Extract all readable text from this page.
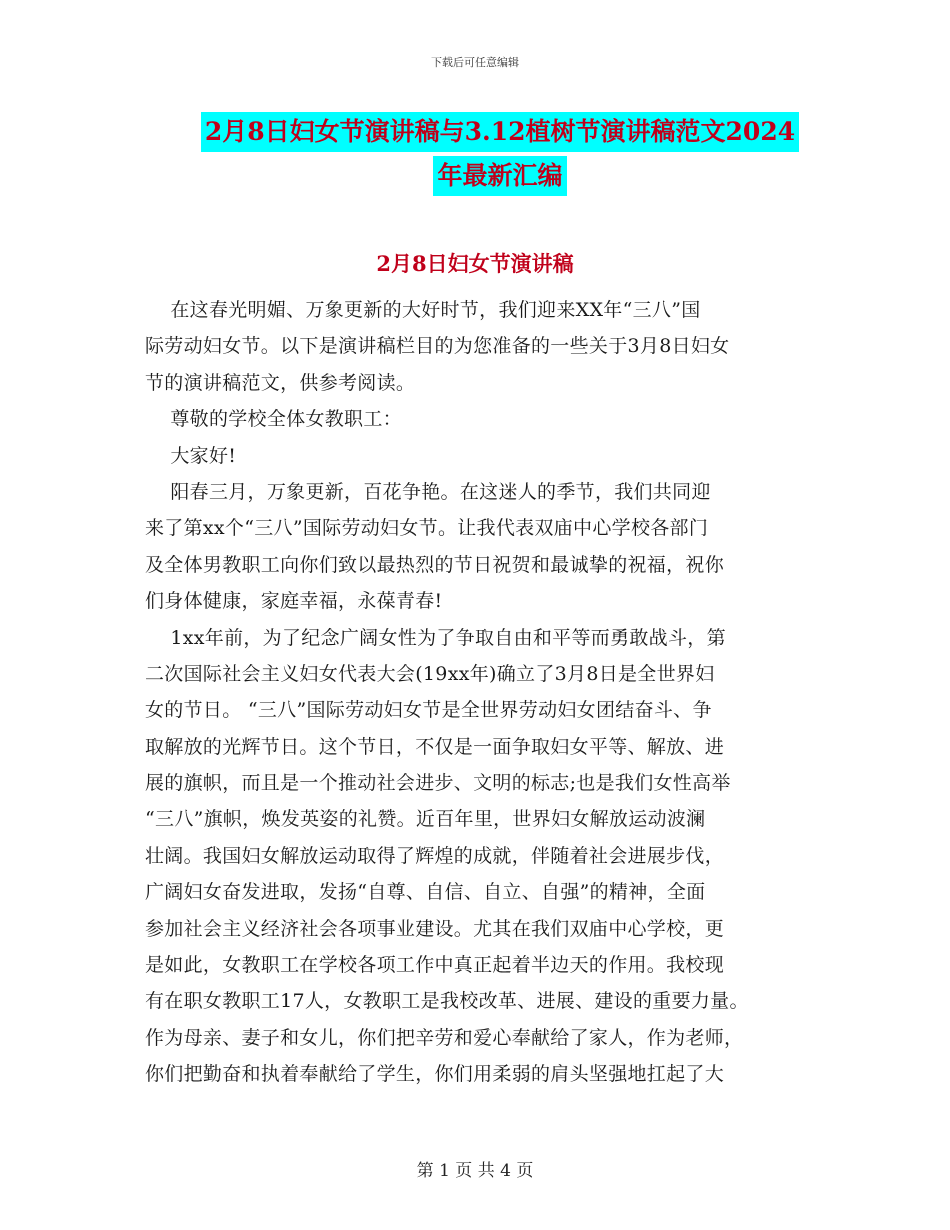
下载后可任意编辑
2月8日妇女节演讲稿与3.12植树节演讲稿范文2024
年最新汇编
2月8日妇女节演讲稿
在这春光明媚、万象更新的大好时节，我们迎来XX年“三八”国
际劳动妇女节。以下是演讲稿栏目的为您准备的一些关于3月8日妇女
节的演讲稿范文，供参考阅读。
尊敬的学校全体女教职工：
大家好!
阳春三月，万象更新，百花争艳。在这迷人的季节，我们共同迎
来了第xx个“三八”国际劳动妇女节。让我代表双庙中心学校各部门
及全体男教职工向你们致以最热烈的节日祝贺和最诚挚的祝福，祝你
们身体健康，家庭幸福，永葆青春!
1xx年前，为了纪念广阔女性为了争取自由和平等而勇敢战斗，第
二次国际社会主义妇女代表大会(19xx年)确立了3月8日是全世界妇
女的节日。 “三八”国际劳动妇女节是全世界劳动妇女团结奋斗、争
取解放的光辉节日。这个节日，不仅是一面争取妇女平等、解放、进
展的旗帜，而且是一个推动社会进步、文明的标志;也是我们女性高举
“三八”旗帜，焕发英姿的礼赞。近百年里，世界妇女解放运动波澜
壮阔。我国妇女解放运动取得了辉煌的成就，伴随着社会进展步伐，
广阔妇女奋发进取，发扬“自尊、自信、自立、自强”的精神，全面
参加社会主义经济社会各项事业建设。尤其在我们双庙中心学校，更
是如此，女教职工在学校各项工作中真正起着半边天的作用。我校现
有在职女教职工17人，女教职工是我校改革、进展、建设的重要力量。
作为母亲、妻子和女儿，你们把辛劳和爱心奉献给了家人，作为老师，
你们把勤奋和执着奉献给了学生，你们用柔弱的肩头坚强地扛起了大
第 1 页 共 4 页
